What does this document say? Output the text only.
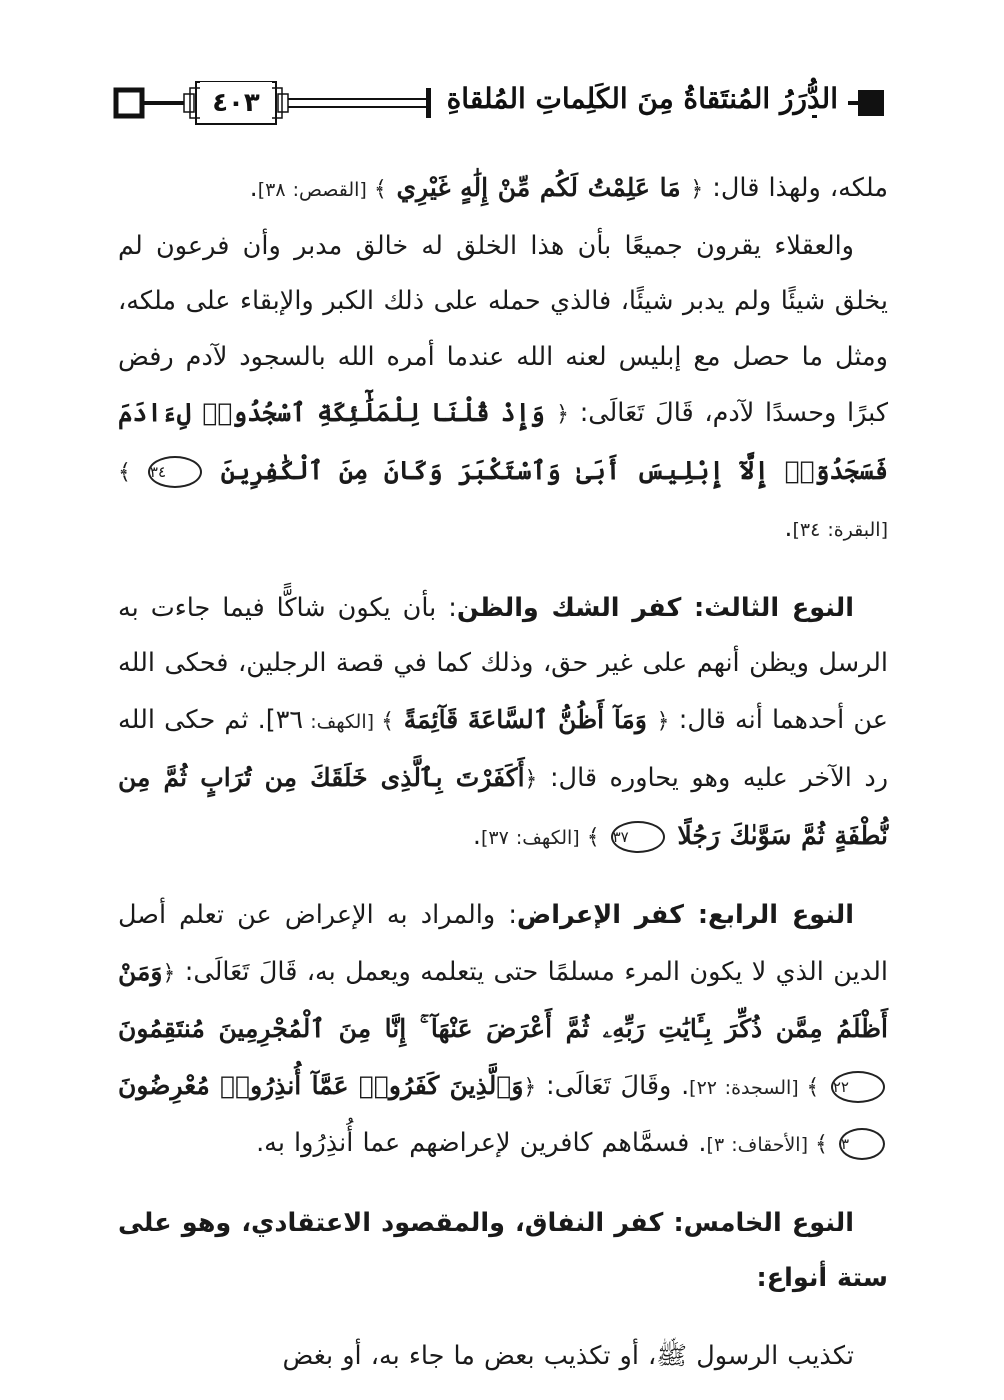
٤٠٣	الدُّرَرُ المُنتَقاةُ مِنَ الكَلِماتِ المُلقاةِ

ملكه، ولهذا قال: ﴿ مَا عَلِمْتُ لَكُم مِّنْ إِلَٰهٍ غَيْرِي ﴾ [القصص: ٣٨].

والعقلاء يقرون جميعًا بأن هذا الخلق له خالق مدبر وأن فرعون لم يخلق شيئًا ولم يدبر شيئًا، فالذي حمله على ذلك الكبر والإبقاء على ملكه، ومثل ما حصل مع إبليس لعنه الله عندما أمره الله بالسجود لآدم رفض كبرًا وحسدًا لآدم، قَالَ تَعَالَى: ﴿ وَإِذْ قُلْنَا لِلْمَلَٰٓئِكَةِ ٱسْجُدُوا۟ لِءَادَمَ فَسَجَدُوٓا۟ إِلَّآ إِبْلِيسَ أَبَىٰ وَٱسْتَكْبَرَ وَكَانَ مِنَ ٱلْكَٰفِرِينَ ٣٤ ﴾ [البقرة: ٣٤].

النوع الثالث: كفر الشك والظن: بأن يكون شاكًّا فيما جاءت به الرسل ويظن أنهم على غير حق، وذلك كما في قصة الرجلين، فحكى الله عن أحدهما أنه قال: ﴿ وَمَآ أَظُنُّ ٱلسَّاعَةَ قَآئِمَةً ﴾ [الكهف: ٣٦]. ثم حكى الله رد الآخر عليه وهو يحاوره قال: ﴿أَكَفَرْتَ بِٱلَّذِى خَلَقَكَ مِن تُرَابٍ ثُمَّ مِن نُّطْفَةٍ ثُمَّ سَوَّىٰكَ رَجُلًا ٣٧ ﴾ [الكهف: ٣٧].

النوع الرابع: كفر الإعراض: والمراد به الإعراض عن تعلم أصل الدين الذي لا يكون المرء مسلمًا حتى يتعلمه ويعمل به، قَالَ تَعَالَى: ﴿وَمَنْ أَظْلَمُ مِمَّن ذُكِّرَ بِـَٔايَٰتِ رَبِّهِۦ ثُمَّ أَعْرَضَ عَنْهَآ ۚ إِنَّا مِنَ ٱلْمُجْرِمِينَ مُنتَقِمُونَ ٢٢ ﴾ [السجدة: ٢٢]. وقَالَ تَعَالَى: ﴿وَٱلَّذِينَ كَفَرُوا۟ عَمَّآ أُنذِرُوا۟ مُعْرِضُونَ ٣ ﴾ [الأحقاف: ٣]. فسمَّاهم كافرين لإعراضهم عما أُنذِرُوا به.

النوع الخامس: كفر النفاق، والمقصود الاعتقادي، وهو على ستة أنواع:

تكذيب الرسول ﷺ، أو تكذيب بعض ما جاء به، أو بغض
